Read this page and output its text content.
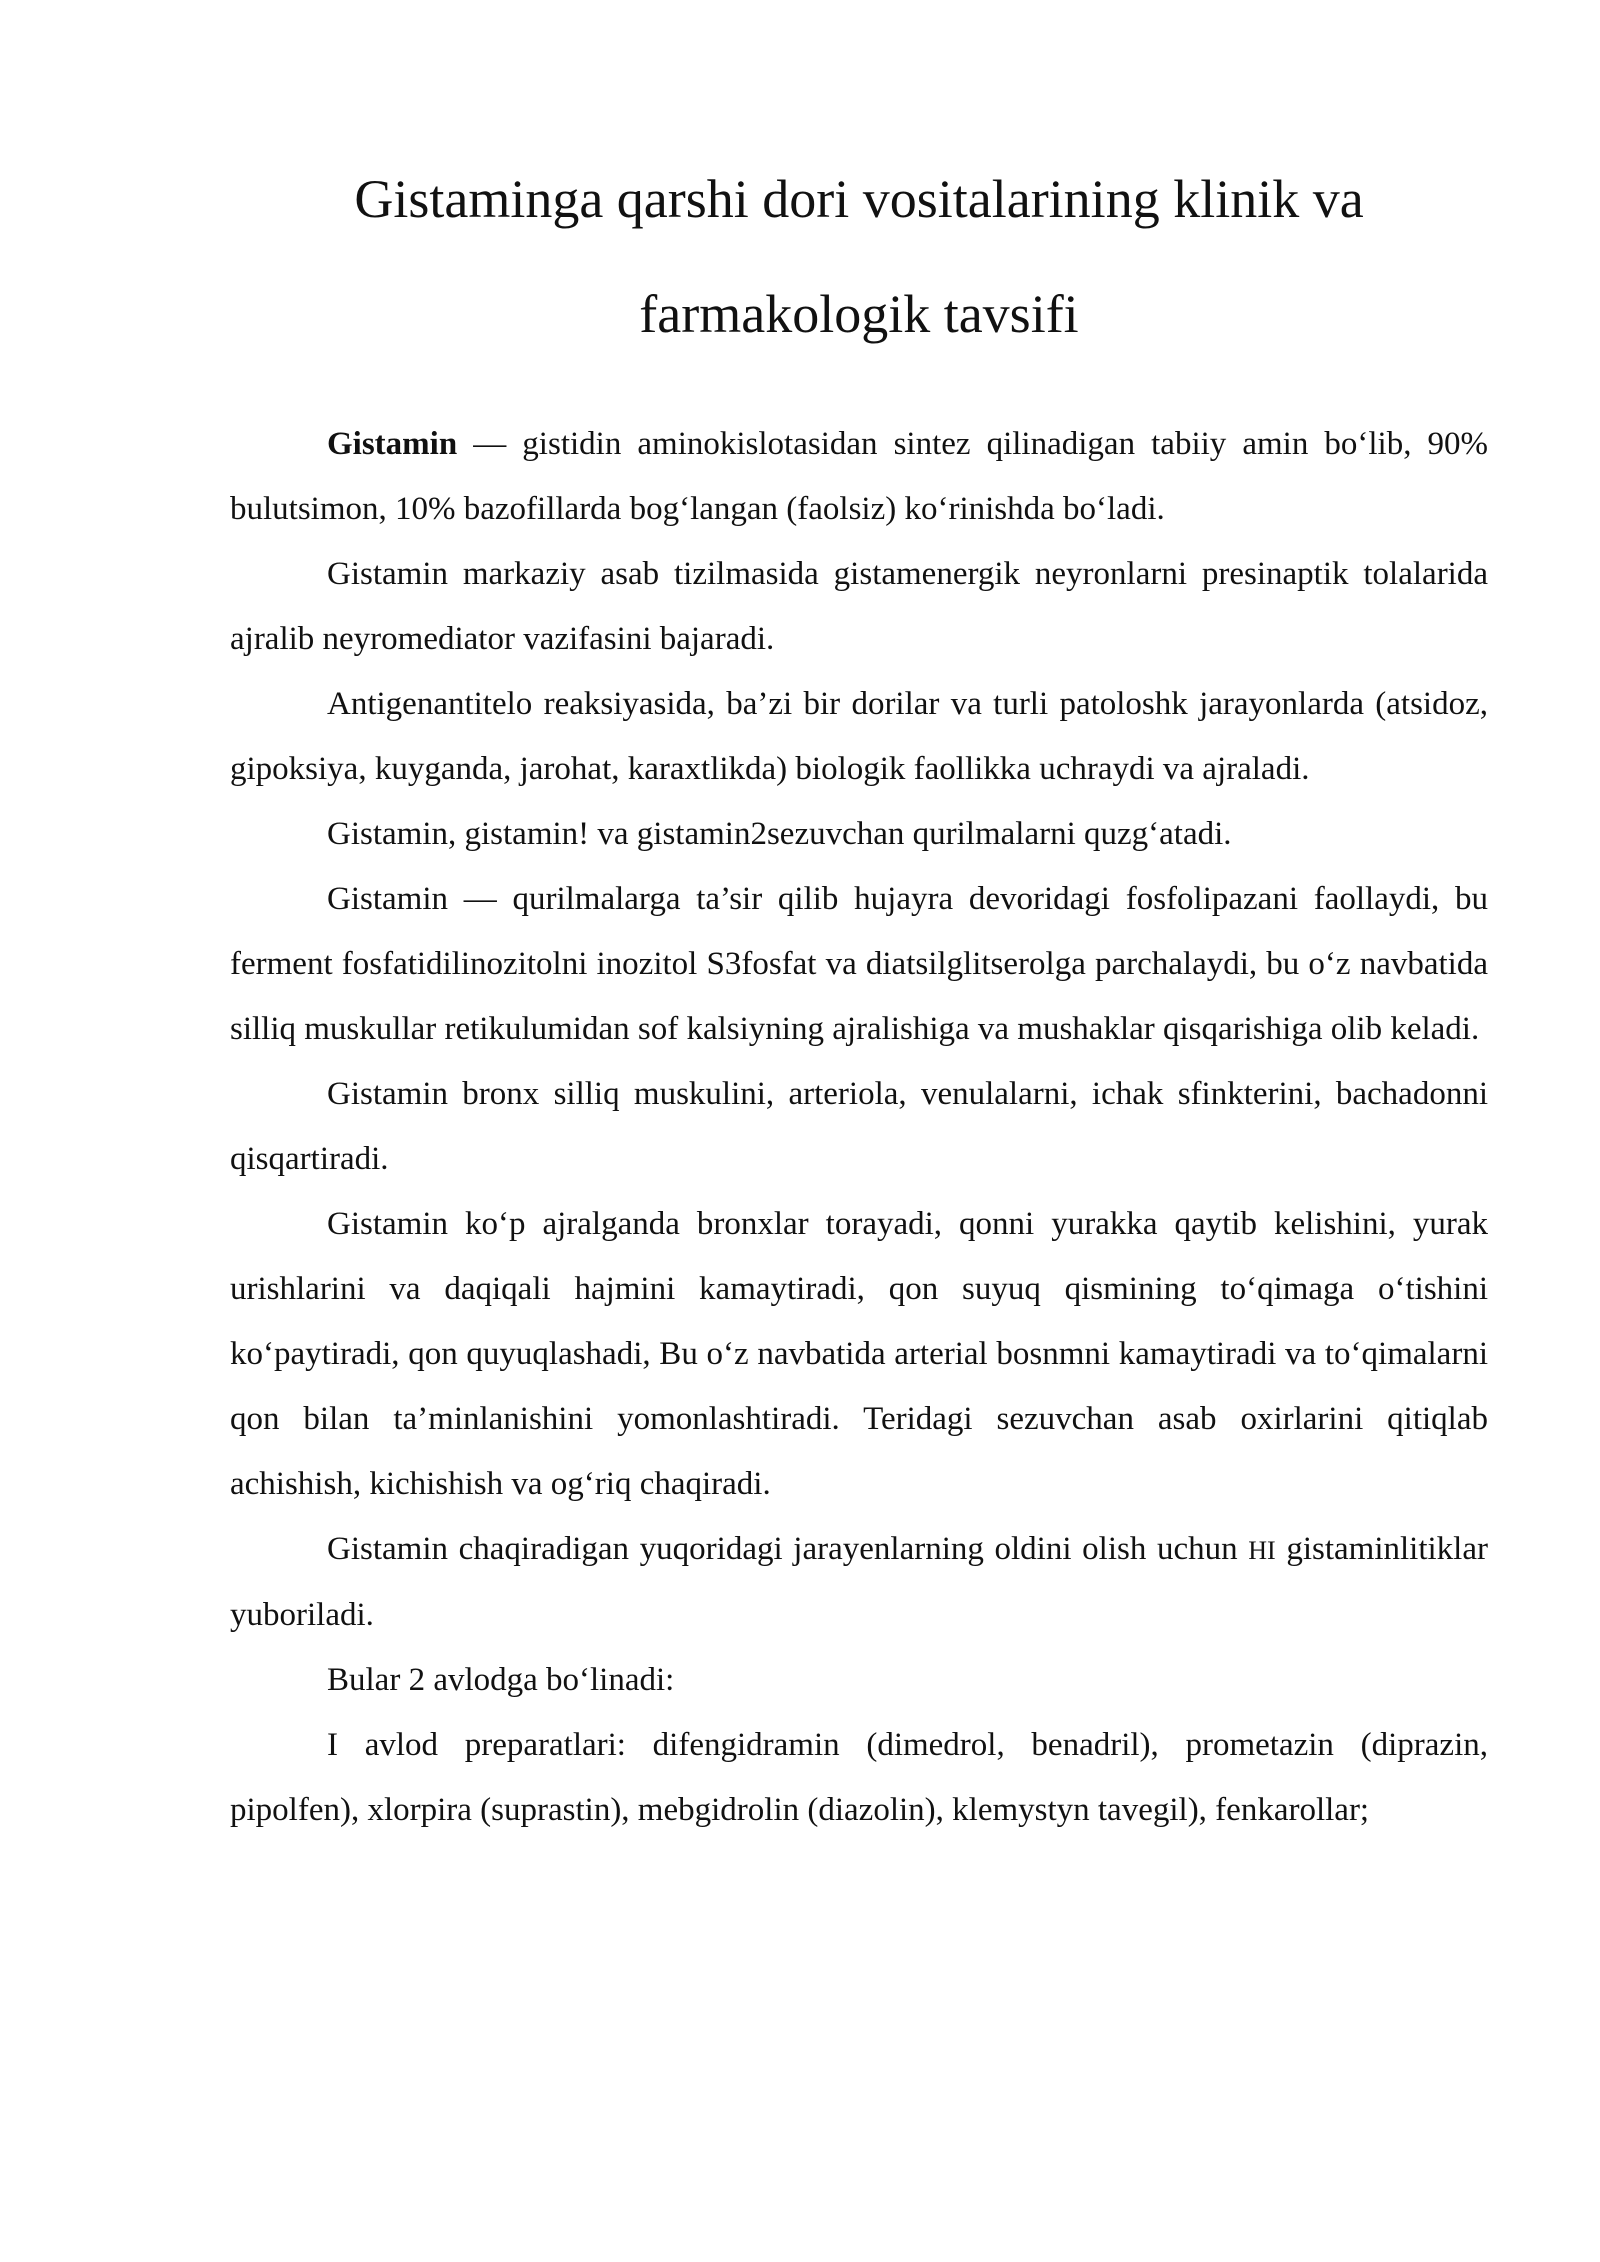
Gistaminga qarshi dori vositalarining klinik va farmakologik tavsifi

Gistamin — gistidin aminokislotasidan sintez qilinadigan tabiiy amin bo‘lib, 90% bulutsimon, 10% bazofillarda bog‘langan (faolsiz) ko‘rinishda bo‘ladi.

Gistamin markaziy asab tizilmasida gistamenergik neyronlarni presinaptik tolalarida ajralib neyromediator vazifasini bajaradi.

Antigenantitelo reaksiyasida, ba’zi bir dorilar va turli patoloshk jarayonlarda (atsidoz, gipoksiya, kuyganda, jarohat, karaxtlikda) biologik faollikka uchraydi va ajraladi.

Gistamin, gistamin! va gistamin2sezuvchan qurilmalarni quzg‘atadi.

Gistamin — qurilmalarga ta’sir qilib hujayra devoridagi fosfolipazani faollaydi, bu ferment fosfatidilinozitolni inozitol S3fosfat va diatsilglitserolga parchalaydi, bu o‘z navbatida silliq muskullar retikulumidan sof kalsiyning ajralishiga va mushaklar qisqarishiga olib keladi.

Gistamin bronx silliq muskulini, arteriola, venulalarni, ichak sfinkterini, bachadonni qisqartiradi.

Gistamin ko‘p ajralganda bronxlar torayadi, qonni yurakka qaytib kelishini, yurak urishlarini va daqiqali hajmini kamaytiradi, qon suyuq qismining to‘qimaga o‘tishini ko‘paytiradi, qon quyuqlashadi, Bu o‘z navbatida arterial bosnmni kamaytiradi va to‘qimalarni qon bilan ta’minlanishini yomonlashtiradi. Teridagi sezuvchan asab oxirlarini qitiqlab achishish, kichishish va og‘riq chaqiradi.

Gistamin chaqiradigan yuqoridagi jarayenlarning oldini olish uchun HI gistaminlitiklar yuboriladi.

Bular 2 avlodga bo‘linadi:

I avlod preparatlari: difengidramin (dimedrol, benadril), prometazin (diprazin, pipolfen), xlorpira (suprastin), mebgidrolin (diazolin), klemystyn tavegil), fenkarollar;
